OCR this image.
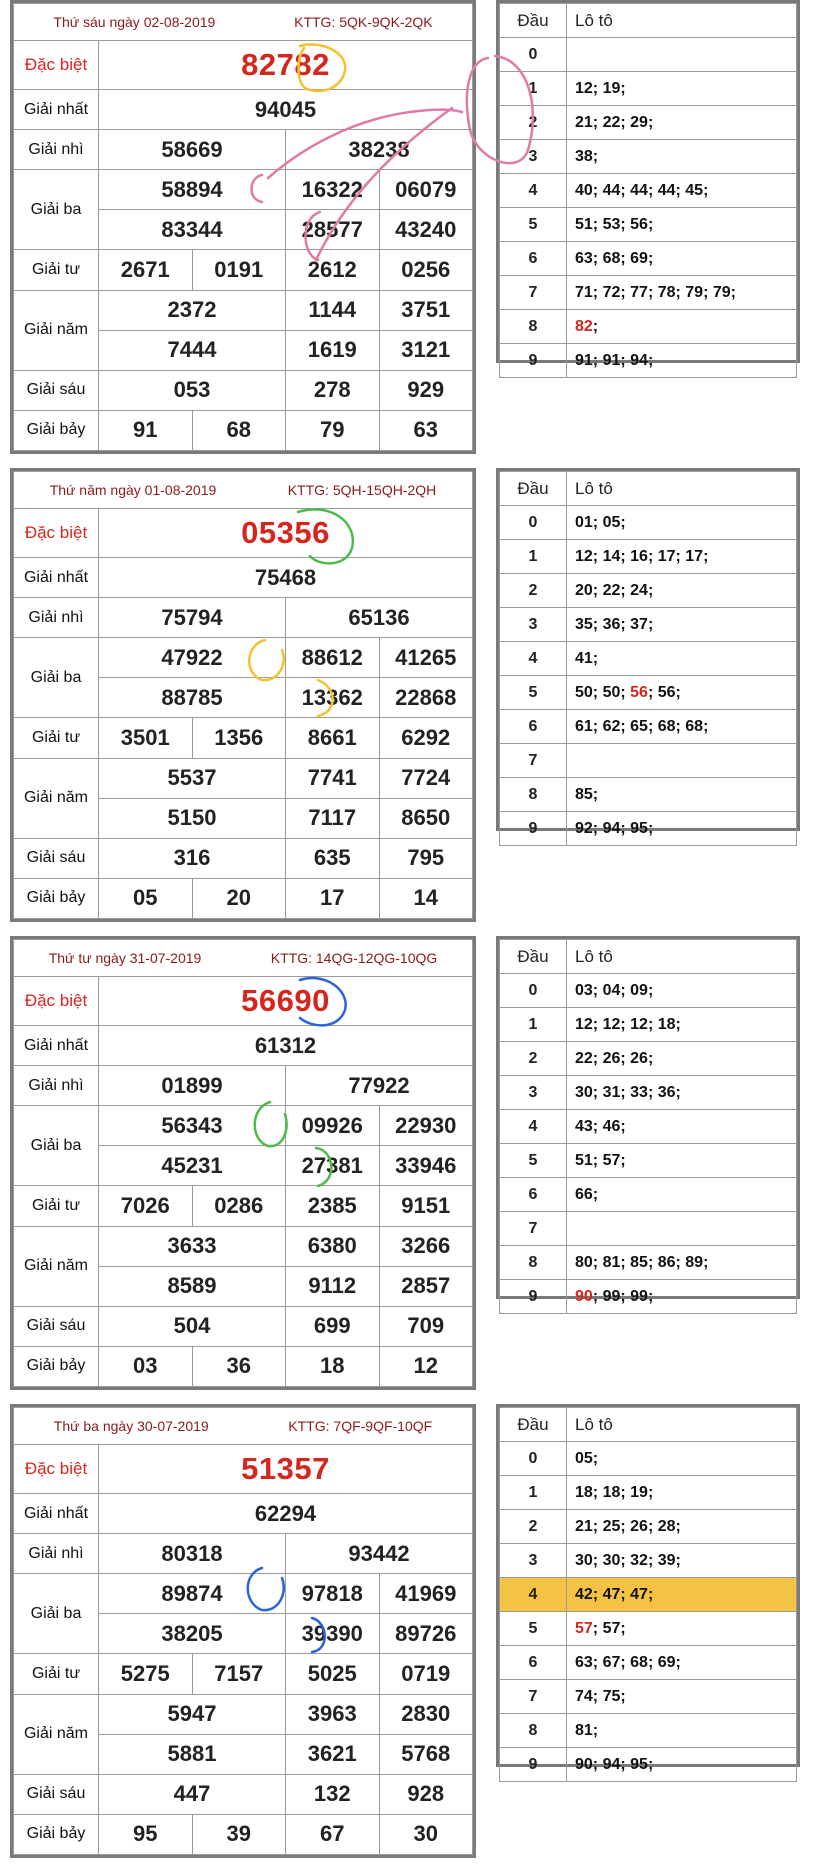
Thứ sáu ngày 02-08-2019 KTTG: 5QK-9QK-2QK				

Đặc biệt	82782			
Giải nhất	94045			
Giải nhì	58669		38238	
Giải ba	58894		16322	06079
	83344		28577	43240
Giải tư	2671	0191	2612	0256
Giải năm	2372		1144	3751
	7444		1619	3121
Giải sáu	053		278	929
Giải bảy	91	68	79	63
Đầu	Lô tô
0	
1	12; 19;
2	21; 22; 29;
3	38;
4	40; 44; 44; 44; 45;
5	51; 53; 56;
6	63; 68; 69;
7	71; 72; 77; 78; 79; 79;
8	82;
9	91; 91; 94;
Thứ năm ngày 01-08-2019 KTTG: 5QH-15QH-2QH				

Đặc biệt	05356			
Giải nhất	75468			
Giải nhì	75794		65136	
Giải ba	47922		88612	41265
	88785		13362	22868
Giải tư	3501	1356	8661	6292
Giải năm	5537		7741	7724
	5150		7117	8650
Giải sáu	316		635	795
Giải bảy	05	20	17	14
Đầu	Lô tô
0	01; 05;
1	12; 14; 16; 17; 17;
2	20; 22; 24;
3	35; 36; 37;
4	41;
5	50; 50; 56; 56;
6	61; 62; 65; 68; 68;
7	
8	85;
9	92; 94; 95;
Thứ tư ngày 31-07-2019 KTTG: 14QG-12QG-10QG				

Đặc biệt	56690			
Giải nhất	61312			
Giải nhì	01899		77922	
Giải ba	56343		09926	22930
	45231		27381	33946
Giải tư	7026	0286	2385	9151
Giải năm	3633		6380	3266
	8589		9112	2857
Giải sáu	504		699	709
Giải bảy	03	36	18	12
Đầu	Lô tô
0	03; 04; 09;
1	12; 12; 12; 18;
2	22; 26; 26;
3	30; 31; 33; 36;
4	43; 46;
5	51; 57;
6	66;
7	
8	80; 81; 85; 86; 89;
9	90; 99; 99;
Thứ ba ngày 30-07-2019 KTTG: 7QF-9QF-10QF				

Đặc biệt	51357			
Giải nhất	62294			
Giải nhì	80318		93442	
Giải ba	89874		97818	41969
	38205		39390	89726
Giải tư	5275	7157	5025	0719
Giải năm	5947		3963	2830
	5881		3621	5768
Giải sáu	447		132	928
Giải bảy	95	39	67	30
Đầu	Lô tô
0	05;
1	18; 18; 19;
2	21; 25; 26; 28;
3	30; 30; 32; 39;
4	42; 47; 47;
5	57; 57;
6	63; 67; 68; 69;
7	74; 75;
8	81;
9	90; 94; 95;
